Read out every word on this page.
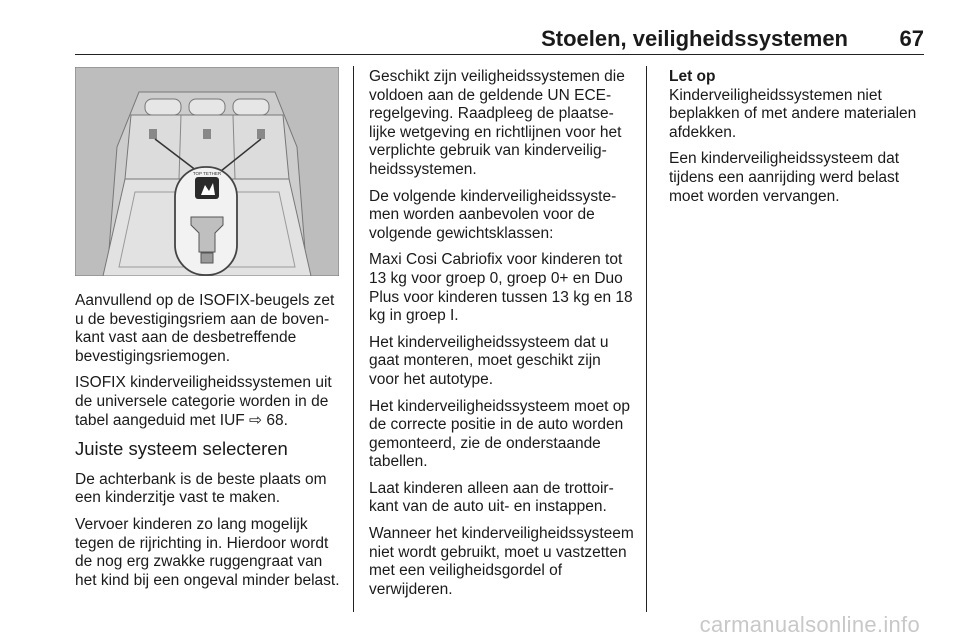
Stoelen, veiligheidssystemen 67
TOP TETHER

Aanvullend op de ISOFIX-beugels zet u de bevestigingsriem aan de bovenkant vast aan de desbetreffende bevestigingsriemogen.

ISOFIX kinderveiligheidssystemen uit de universele categorie worden in de tabel aangeduid met IUF ⇨ 68.

Juiste systeem selecteren

De achterbank is de beste plaats om een kinderzitje vast te maken.

Vervoer kinderen zo lang mogelijk tegen de rijrichting in. Hierdoor wordt de nog erg zwakke ruggengraat van het kind bij een ongeval minder belast.

Geschikt zijn veiligheidssystemen die voldoen aan de geldende UN ECE-regelgeving. Raadpleeg de plaatselijke wetgeving en richtlijnen voor het verplichte gebruik van kinderveiligheidssystemen.

De volgende kinderveiligheidssystemen worden aanbevolen voor de volgende gewichtsklassen:

Maxi Cosi Cabriofix voor kinderen tot 13 kg voor groep 0, groep 0+ en Duo Plus voor kinderen tussen 13 kg en 18 kg in groep I.

Het kinderveiligheidssysteem dat u gaat monteren, moet geschikt zijn voor het autotype.

Het kinderveiligheidssysteem moet op de correcte positie in de auto worden gemonteerd, zie de onderstaande tabellen.

Laat kinderen alleen aan de trottoirkant van de auto uit- en instappen.

Wanneer het kinderveiligheidssysteem niet wordt gebruikt, moet u vastzetten met een veiligheidsgordel of verwijderen.

Let op

Kinderveiligheidssystemen niet beplakken of met andere materialen afdekken.

Een kinderveiligheidssysteem dat tijdens een aanrijding werd belast moet worden vervangen.

carmanualsonline.info
